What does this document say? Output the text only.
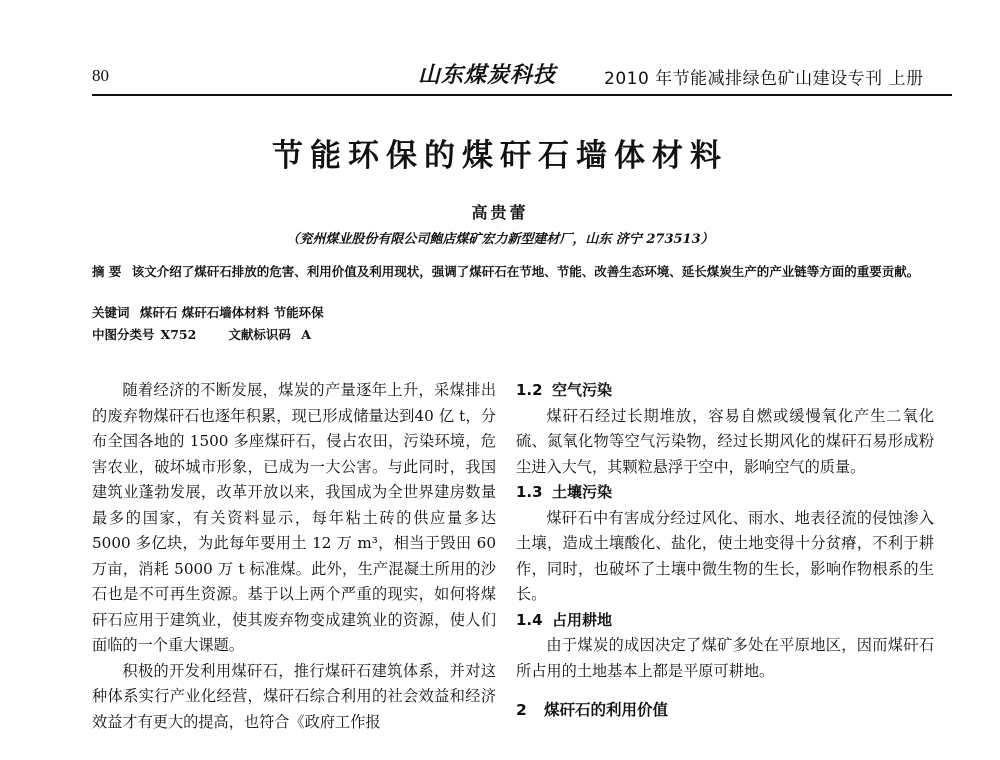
80	山东煤炭科技	2010 年节能减排绿色矿山建设专刊 上册
节能环保的煤矸石墙体材料
高贵蕾
（兖州煤业股份有限公司鲍店煤矿宏力新型建材厂，山东 济宁 273513）
摘 要 该文介绍了煤矸石排放的危害、利用价值及利用现状，强调了煤矸石在节地、节能、改善生态环境、延长煤炭生产的产业链等方面的重要贡献。
关键词 煤矸石 煤矸石墙体材料 节能环保
中图分类号 X752	文献标识码 A

随着经济的不断发展，煤炭的产量逐年上升，采煤排出的废弃物煤矸石也逐年积累，现已形成储量达到40 亿 t，分布全国各地的 1500 多座煤矸石，侵占农田，污染环境，危害农业，破坏城市形象，已成为一大公害。与此同时，我国建筑业蓬勃发展，改革开放以来，我国成为全世界建房数量最多的国家，有关资料显示，每年粘土砖的供应量多达 5000 多亿块，为此每年要用土 12 万 m³，相当于毁田 60 万亩，消耗 5000 万 t 标准煤。此外，生产混凝土所用的沙石也是不可再生资源。基于以上两个严重的现实，如何将煤矸石应用于建筑业，使其废弃物变成建筑业的资源，使人们面临的一个重大课题。

积极的开发利用煤矸石，推行煤矸石建筑体系，并对这种体系实行产业化经营，煤矸石综合利用的社会效益和经济效益才有更大的提高，也符合《政府工作报

1.2 空气污染

煤矸石经过长期堆放，容易自燃或缓慢氧化产生二氧化硫、氮氧化物等空气污染物，经过长期风化的煤矸石易形成粉尘进入大气，其颗粒悬浮于空中，影响空气的质量。

1.3 土壤污染

煤矸石中有害成分经过风化、雨水、地表径流的侵蚀渗入土壤，造成土壤酸化、盐化，使土地变得十分贫瘠，不利于耕作，同时，也破坏了土壤中微生物的生长，影响作物根系的生长。

1.4 占用耕地

由于煤炭的成因决定了煤矿多处在平原地区，因而煤矸石所占用的土地基本上都是平原可耕地。

2 煤矸石的利用价值
